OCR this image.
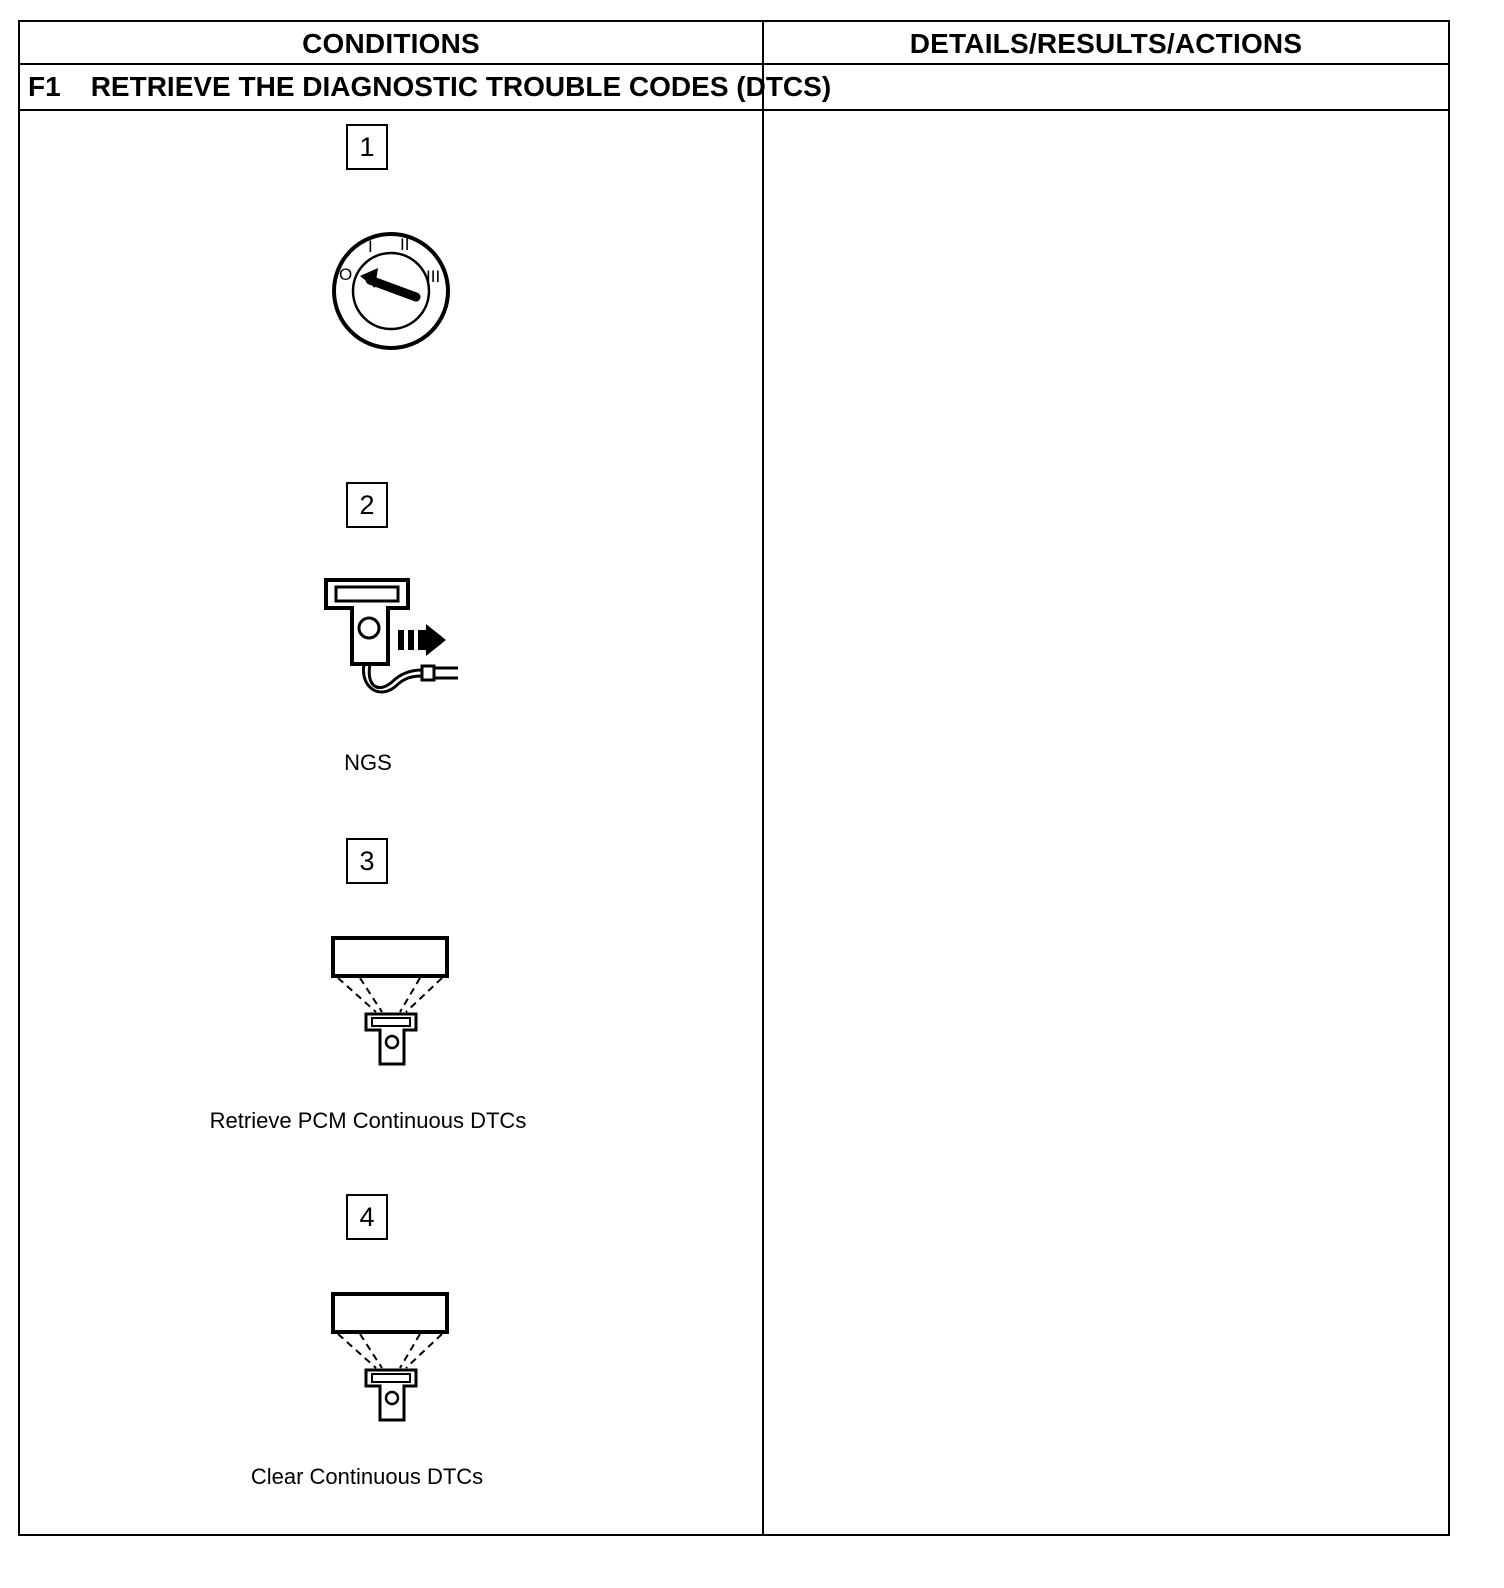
CONDITIONS	DETAILS/RESULTS/ACTIONS
F1 RETRIEVE THE DIAGNOSTIC TROUBLE CODES (DTCS)
1
O
I II
III
2
NGS
3
Retrieve PCM Continuous DTCs
4
Clear Continuous DTCs
